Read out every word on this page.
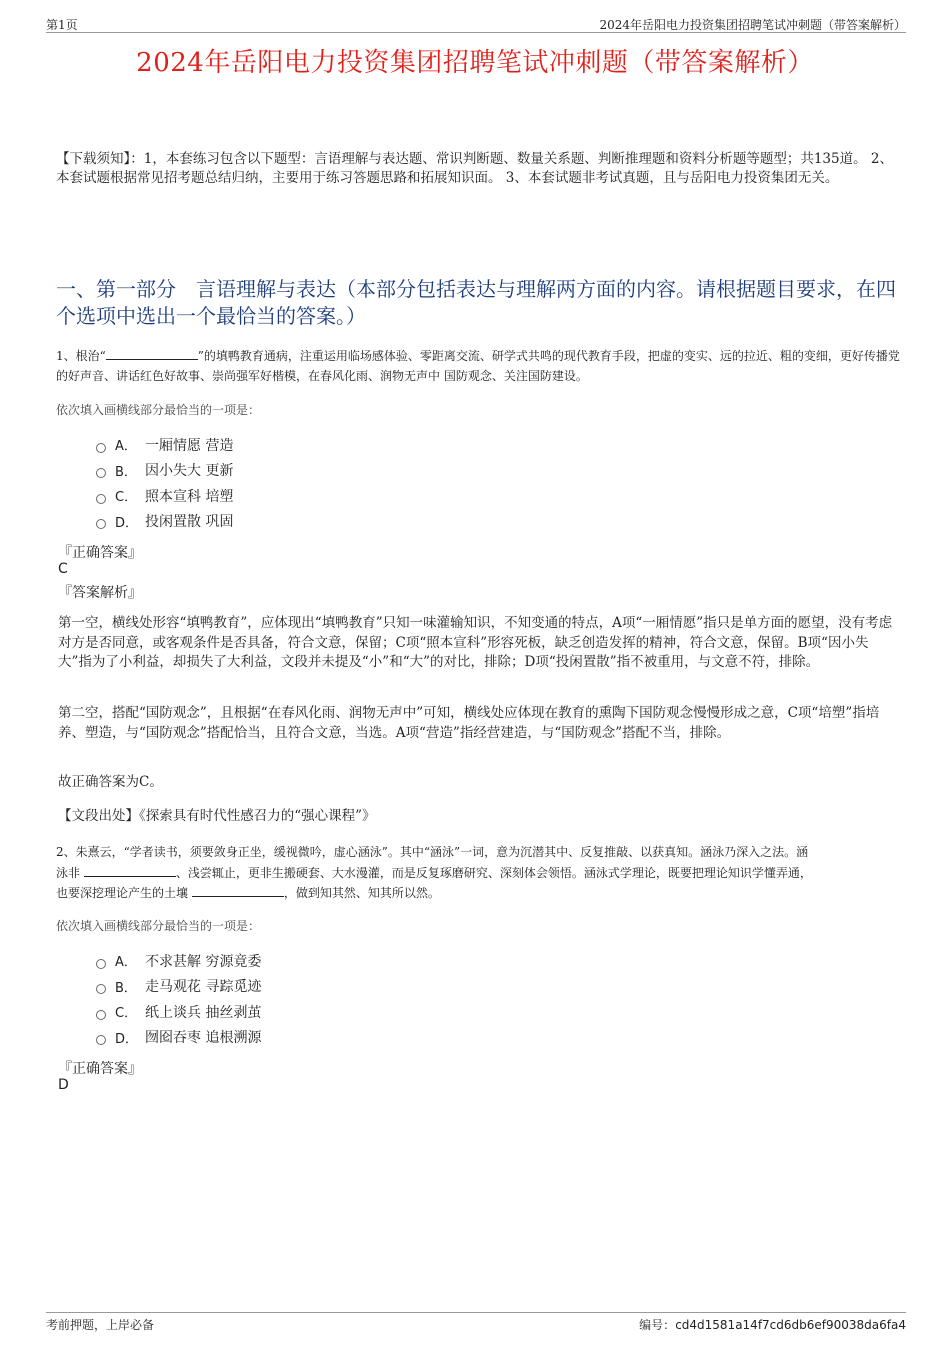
第1页	2024年岳阳电力投资集团招聘笔试冲刺题（带答案解析）
2024年岳阳电力投资集团招聘笔试冲刺题（带答案解析）
【下载须知】：1，本套练习包含以下题型：言语理解与表达题、常识判断题、数量关系题、判断推理题和资料分析题等题型；共135道。 2、本套试题根据常见招考题总结归纳，主要用于练习答题思路和拓展知识面。 3、本套试题非考试真题，且与岳阳电力投资集团无关。
一、第一部分　言语理解与表达（本部分包括表达与理解两方面的内容。请根据题目要求，在四个选项中选出一个最恰当的答案。）
1、根治“	”的填鸭教育通病，注重运用临场感体验、零距离交流、研学式共鸣的现代教育手段，把虚的变实、远的拉近、粗的变细，更好传播党的好声音、讲话红色好故事、崇尚强军好楷模，在春风化雨、润物无声中 国防观念、关注国防建设。
依次填入画横线部分最恰当的一项是：
A． 一厢情愿 营造
B． 因小失大 更新
C． 照本宣科 培塑
D． 投闲置散 巩固
『正确答案』
C
『答案解析』
第一空，横线处形容“填鸭教育”，应体现出“填鸭教育”只知一味灌输知识，不知变通的特点，A项“一厢情愿”指只是单方面的愿望，没有考虑对方是否同意，或客观条件是否具备，符合文意，保留；C项“照本宣科”形容死板，缺乏创造发挥的精神，符合文意，保留。B项“因小失大”指为了小利益，却损失了大利益，文段并未提及“小”和“大”的对比，排除；D项“投闲置散”指不被重用，与文意不符，排除。
第二空，搭配“国防观念”，且根据“在春风化雨、润物无声中”可知，横线处应体现在教育的熏陶下国防观念慢慢形成之意，C项“培塑”指培养、塑造，与“国防观念”搭配恰当，且符合文意，当选。A项“营造”指经营建造，与“国防观念”搭配不当，排除。
故正确答案为C。
【文段出处】《探索具有时代性感召力的“强心课程”》
2、朱熹云，“学者读书，须要敛身正坐，缓视微吟，虚心涵泳”。其中“涵泳”一词，意为沉潜其中、反复推敲、以获真知。涵泳乃深入之法。涵
泳非	、浅尝辄止，更非生搬硬套、大水漫灌，而是反复琢磨研究、深刻体会领悟。涵泳式学理论，既要把理论知识学懂弄通，
也要深挖理论产生的土壤	，做到知其然、知其所以然。
依次填入画横线部分最恰当的一项是：
A． 不求甚解 穷源竟委
B． 走马观花 寻踪觅迹
C． 纸上谈兵 抽丝剥茧
D． 囫囵吞枣 追根溯源
『正确答案』
D
考前押题，上岸必备	编号：cd4d1581a14f7cd6db6ef90038da6fa4
